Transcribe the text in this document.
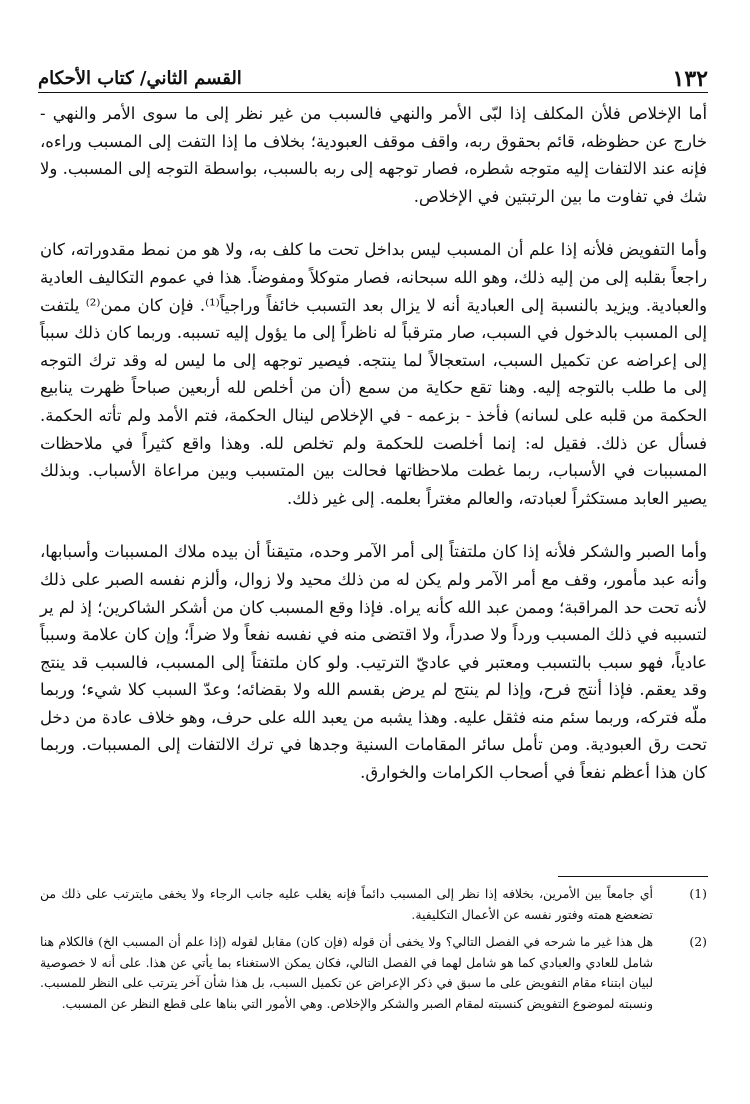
١٣٢
القسم الثاني/ كتاب الأحكام

أما الإخلاص فلأن المكلف إذا لبّى الأمر والنهي فالسبب من غير نظر إلى ما سوى الأمر والنهي - خارج عن حظوظه، قائم بحقوق ربه، واقف موقف العبودية؛ بخلاف ما إذا التفت إلى المسبب وراءه، فإنه عند الالتفات إليه متوجه شطره، فصار توجهه إلى ربه بالسبب، بواسطة التوجه إلى المسبب. ولا شك في تفاوت ما بين الرتبتين في الإخلاص.

وأما التفويض فلأنه إذا علم أن المسبب ليس بداخل تحت ما كلف به، ولا هو من نمط مقدوراته، كان راجعاً بقلبه إلى من إليه ذلك، وهو الله سبحانه، فصار متوكلاً ومفوضاً. هذا في عموم التكاليف العادية والعبادية. ويزيد بالنسبة إلى العبادية أنه لا يزال بعد التسبب خائفاً وراجياً⁽¹⁾. فإن كان ممن⁽²⁾ يلتفت إلى المسبب بالدخول في السبب، صار مترقباً له ناظراً إلى ما يؤول إليه تسببه. وربما كان ذلك سبباً إلى إعراضه عن تكميل السبب، استعجالاً لما ينتجه. فيصير توجهه إلى ما ليس له وقد ترك التوجه إلى ما طلب بالتوجه إليه. وهنا تقع حكاية من سمع (أن من أخلص لله أربعين صباحاً ظهرت ينابيع الحكمة من قلبه على لسانه) فأخذ - بزعمه - في الإخلاص لينال الحكمة، فتم الأمد ولم تأته الحكمة. فسأل عن ذلك. فقيل له: إنما أخلصت للحكمة ولم تخلص لله. وهذا واقع كثيراً في ملاحظات المسببات في الأسباب، ربما غطت ملاحظاتها فحالت بين المتسبب وبين مراعاة الأسباب. وبذلك يصير العابد مستكثراً لعبادته، والعالم مغتراً بعلمه. إلى غير ذلك.

وأما الصبر والشكر فلأنه إذا كان ملتفتاً إلى أمر الآمر وحده، متيقناً أن بيده ملاك المسببات وأسبابها، وأنه عبد مأمور، وقف مع أمر الآمر ولم يكن له من ذلك محيد ولا زوال، وألزم نفسه الصبر على ذلك لأنه تحت حد المراقبة؛ وممن عبد الله كأنه يراه. فإذا وقع المسبب كان من أشكر الشاكرين؛ إذ لم ير لتسببه في ذلك المسبب ورداً ولا صدراً، ولا اقتضى منه في نفسه نفعاً ولا ضراً؛ وإن كان علامة وسبباً عادياً، فهو سبب بالتسبب ومعتبر في عاديّ الترتيب. ولو كان ملتفتاً إلى المسبب، فالسبب قد ينتج وقد يعقم. فإذا أنتج فرح، وإذا لم ينتج لم يرض بقسم الله ولا بقضائه؛ وعدّ السبب كلا شيء؛ وربما ملّه فتركه، وربما سئم منه فثقل عليه. وهذا يشبه من يعبد الله على حرف، وهو خلاف عادة من دخل تحت رق العبودية. ومن تأمل سائر المقامات السنية وجدها في ترك الالتفات إلى المسببات. وربما كان هذا أعظم نفعاً في أصحاب الكرامات والخوارق.

(1)
أي جامعاً بين الأمرين، بخلافه إذا نظر إلى المسبب دائماً فإنه يغلب عليه جانب الرجاء ولا يخفى مايترتب على ذلك من تضعضع همته وفتور نفسه عن الأعمال التكليفية.
(2)
هل هذا غير ما شرحه في الفصل التالي؟ ولا يخفى أن قوله (فإن كان) مقابل لقوله (إذا علم أن المسبب الخ) فالكلام هنا شامل للعادي والعبادي كما هو شامل لهما في الفصل التالي، فكان يمكن الاستغناء بما يأتي عن هذا. على أنه لا خصوصية لبيان ابتناء مقام التفويض على ما سبق في ذكر الإعراض عن تكميل السبب، بل هذا شأن آخر يترتب على النظر للمسبب. ونسبته لموضوع التفويض كنسبته لمقام الصبر والشكر والإخلاص. وهي الأمور التي بناها على قطع النظر عن المسبب.
